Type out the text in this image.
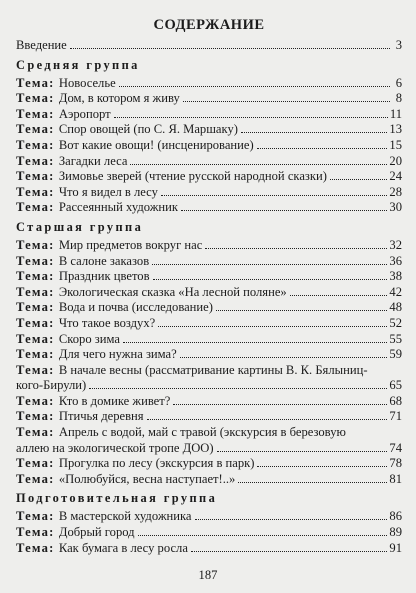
СОДЕРЖАНИЕ
Введение	3
Средняя группа
Тема: Новоселье	6
Тема: Дом, в котором я живу	8
Тема: Аэропорт	11
Тема: Спор овощей (по С. Я. Маршаку)	13
Тема: Вот какие овощи! (инсценирование)	15
Тема: Загадки леса	20
Тема: Зимовье зверей (чтение русской народной сказки)	24
Тема: Что я видел в лесу	28
Тема: Рассеянный художник	30
Старшая группа
Тема: Мир предметов вокруг нас	32
Тема: В салоне заказов	36
Тема: Праздник цветов	38
Тема: Экологическая сказка «На лесной поляне»	42
Тема: Вода и почва (исследование)	48
Тема: Что такое воздух?	52
Тема: Скоро зима	55
Тема: Для чего нужна зима?	59
Тема: В начале весны (рассматривание картины В. К. Бялыниц-
кого-Бирули)	65
Тема: Кто в домике живет?	68
Тема: Птичья деревня	71
Тема: Апрель с водой, май с травой (экскурсия в березовую
аллею на экологической тропе ДОО)	74
Тема: Прогулка по лесу (экскурсия в парк)	78
Тема: «Полюбуйся, весна наступает!..»	81
Подготовительная группа
Тема: В мастерской художника	86
Тема: Добрый город	89
Тема: Как бумага в лесу росла	91
187
